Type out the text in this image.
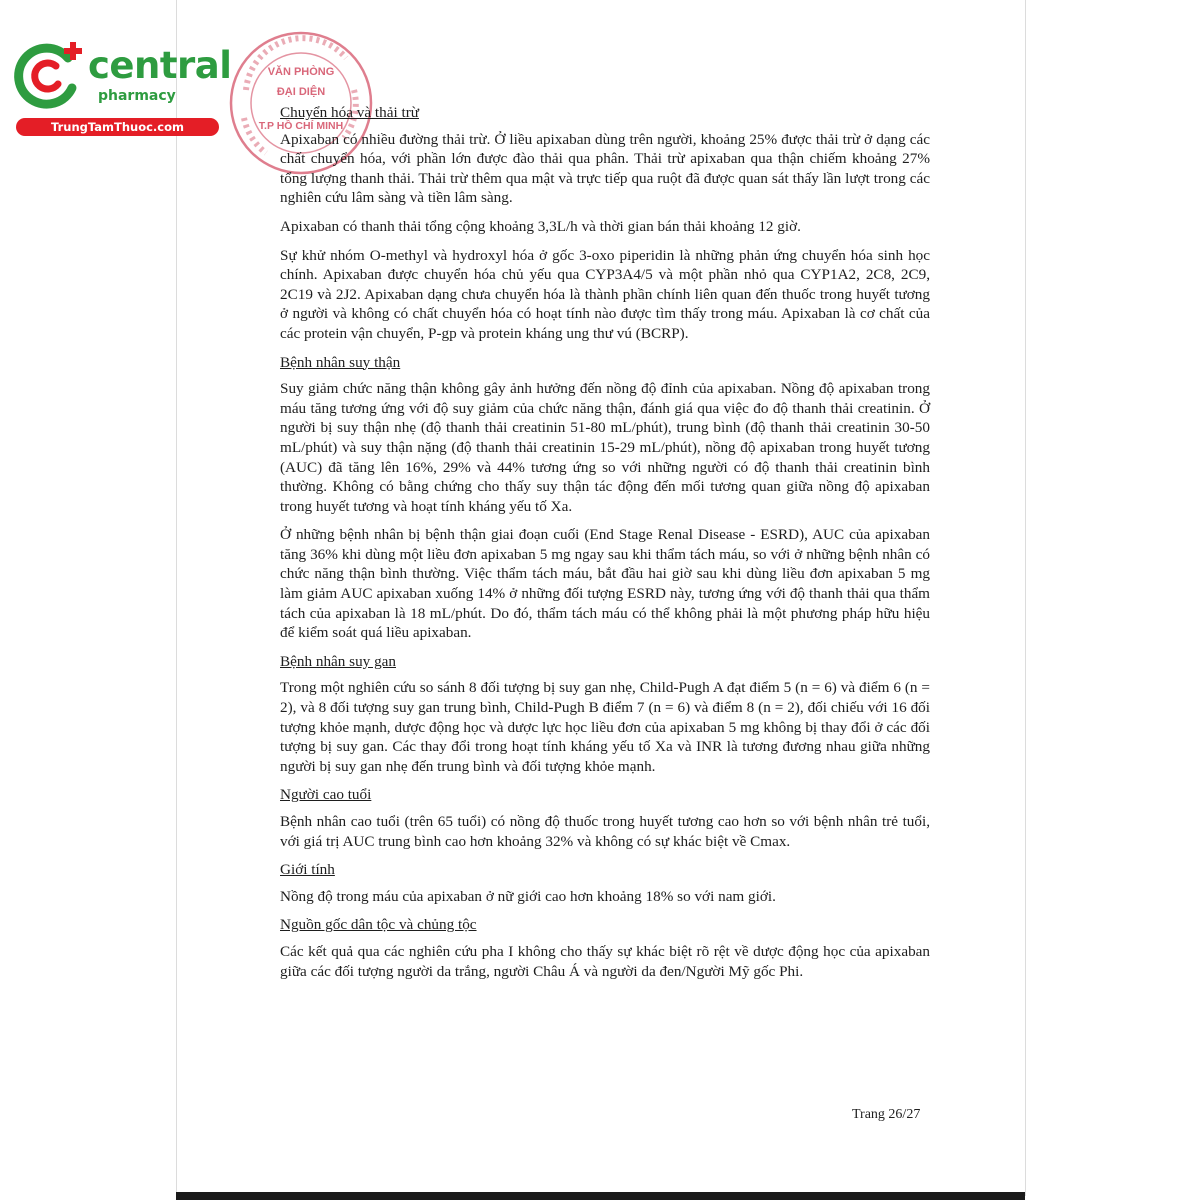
central
pharmacy
TrungTamThuoc.com
VĂN PHÒNG
ĐẠI DIỆN
T.P HỒ CHÍ MINH
Chuyển hóa và thải trừ

Apixaban có nhiều đường thải trừ. Ở liều apixaban dùng trên người, khoảng 25% được thải trừ ở dạng các chất chuyển hóa, với phần lớn được đào thải qua phân. Thải trừ apixaban qua thận chiếm khoảng 27% tổng lượng thanh thải. Thải trừ thêm qua mật và trực tiếp qua ruột đã được quan sát thấy lần lượt trong các nghiên cứu lâm sàng và tiền lâm sàng.

Apixaban có thanh thải tổng cộng khoảng 3,3L/h và thời gian bán thải khoảng 12 giờ.

Sự khử nhóm O-methyl và hydroxyl hóa ở gốc 3-oxo piperidin là những phản ứng chuyển hóa sinh học chính. Apixaban được chuyển hóa chủ yếu qua CYP3A4/5 và một phần nhỏ qua CYP1A2, 2C8, 2C9, 2C19 và 2J2. Apixaban dạng chưa chuyển hóa là thành phần chính liên quan đến thuốc trong huyết tương ở người và không có chất chuyển hóa có hoạt tính nào được tìm thấy trong máu. Apixaban là cơ chất của các protein vận chuyển, P-gp và protein kháng ung thư vú (BCRP).

Bệnh nhân suy thận

Suy giảm chức năng thận không gây ảnh hưởng đến nồng độ đỉnh của apixaban. Nồng độ apixaban trong máu tăng tương ứng với độ suy giảm của chức năng thận, đánh giá qua việc đo độ thanh thải creatinin. Ở người bị suy thận nhẹ (độ thanh thải creatinin 51-80 mL/phút), trung bình (độ thanh thải creatinin 30-50 mL/phút) và suy thận nặng (độ thanh thải creatinin 15-29 mL/phút), nồng độ apixaban trong huyết tương (AUC) đã tăng lên 16%, 29% và 44% tương ứng so với những người có độ thanh thải creatinin bình thường. Không có bằng chứng cho thấy suy thận tác động đến mối tương quan giữa nồng độ apixaban trong huyết tương và hoạt tính kháng yếu tố Xa.

Ở những bệnh nhân bị bệnh thận giai đoạn cuối (End Stage Renal Disease - ESRD), AUC của apixaban tăng 36% khi dùng một liều đơn apixaban 5 mg ngay sau khi thẩm tách máu, so với ở những bệnh nhân có chức năng thận bình thường. Việc thẩm tách máu, bắt đầu hai giờ sau khi dùng liều đơn apixaban 5 mg làm giảm AUC apixaban xuống 14% ở những đối tượng ESRD này, tương ứng với độ thanh thải qua thẩm tách của apixaban là 18 mL/phút. Do đó, thẩm tách máu có thể không phải là một phương pháp hữu hiệu để kiểm soát quá liều apixaban.

Bệnh nhân suy gan

Trong một nghiên cứu so sánh 8 đối tượng bị suy gan nhẹ, Child-Pugh A đạt điểm 5 (n = 6) và điểm 6 (n = 2), và 8 đối tượng suy gan trung bình, Child-Pugh B điểm 7 (n = 6) và điểm 8 (n = 2), đối chiếu với 16 đối tượng khỏe mạnh, dược động học và dược lực học liều đơn của apixaban 5 mg không bị thay đổi ở các đối tượng bị suy gan. Các thay đổi trong hoạt tính kháng yếu tố Xa và INR là tương đương nhau giữa những người bị suy gan nhẹ đến trung bình và đối tượng khỏe mạnh.

Người cao tuổi

Bệnh nhân cao tuổi (trên 65 tuổi) có nồng độ thuốc trong huyết tương cao hơn so với bệnh nhân trẻ tuổi, với giá trị AUC trung bình cao hơn khoảng 32% và không có sự khác biệt về Cmax.

Giới tính

Nồng độ trong máu của apixaban ở nữ giới cao hơn khoảng 18% so với nam giới.

Nguồn gốc dân tộc và chủng tộc

Các kết quả qua các nghiên cứu pha I không cho thấy sự khác biệt rõ rệt về dược động học của apixaban giữa các đối tượng người da trắng, người Châu Á và người da đen/Người Mỹ gốc Phi.

Trang 26/27
